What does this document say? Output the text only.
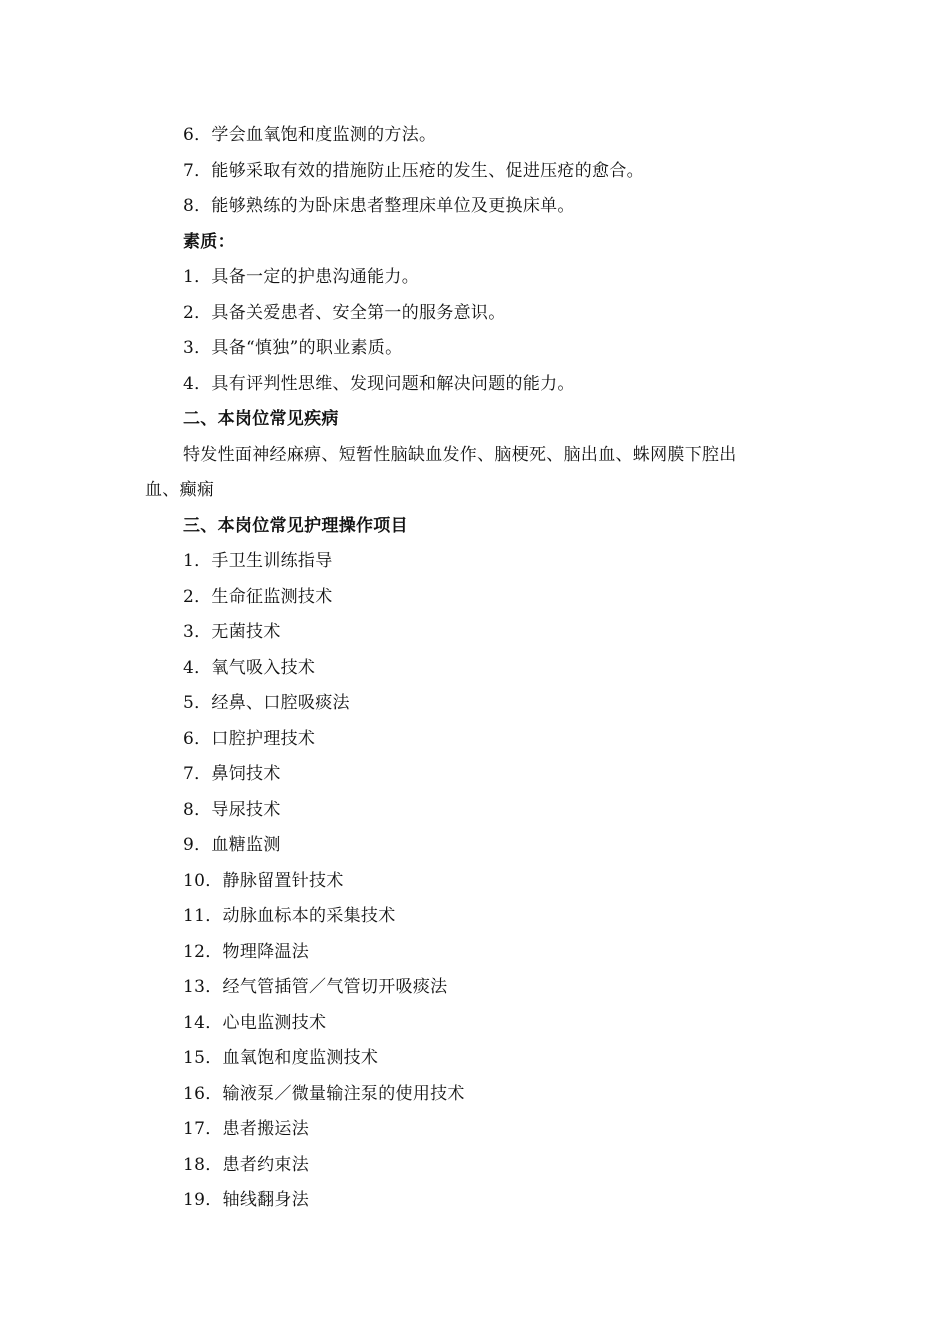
6．学会血氧饱和度监测的方法。
7．能够采取有效的措施防止压疮的发生、促进压疮的愈合。
8．能够熟练的为卧床患者整理床单位及更换床单。
素质：
1．具备一定的护患沟通能力。
2．具备关爱患者、安全第一的服务意识。
3．具备“慎独”的职业素质。
4．具有评判性思维、发现问题和解决问题的能力。
二、本岗位常见疾病
特发性面神经麻痹、短暂性脑缺血发作、脑梗死、脑出血、蛛网膜下腔出
血、癫痫
三、本岗位常见护理操作项目
1．手卫生训练指导
2．生命征监测技术
3．无菌技术
4．氧气吸入技术
5．经鼻、口腔吸痰法
6．口腔护理技术
7．鼻饲技术
8．导尿技术
9．血糖监测
10．静脉留置针技术
11．动脉血标本的采集技术
12．物理降温法
13．经气管插管／气管切开吸痰法
14．心电监测技术
15．血氧饱和度监测技术
16．输液泵／微量输注泵的使用技术
17．患者搬运法
18．患者约束法
19．轴线翻身法
